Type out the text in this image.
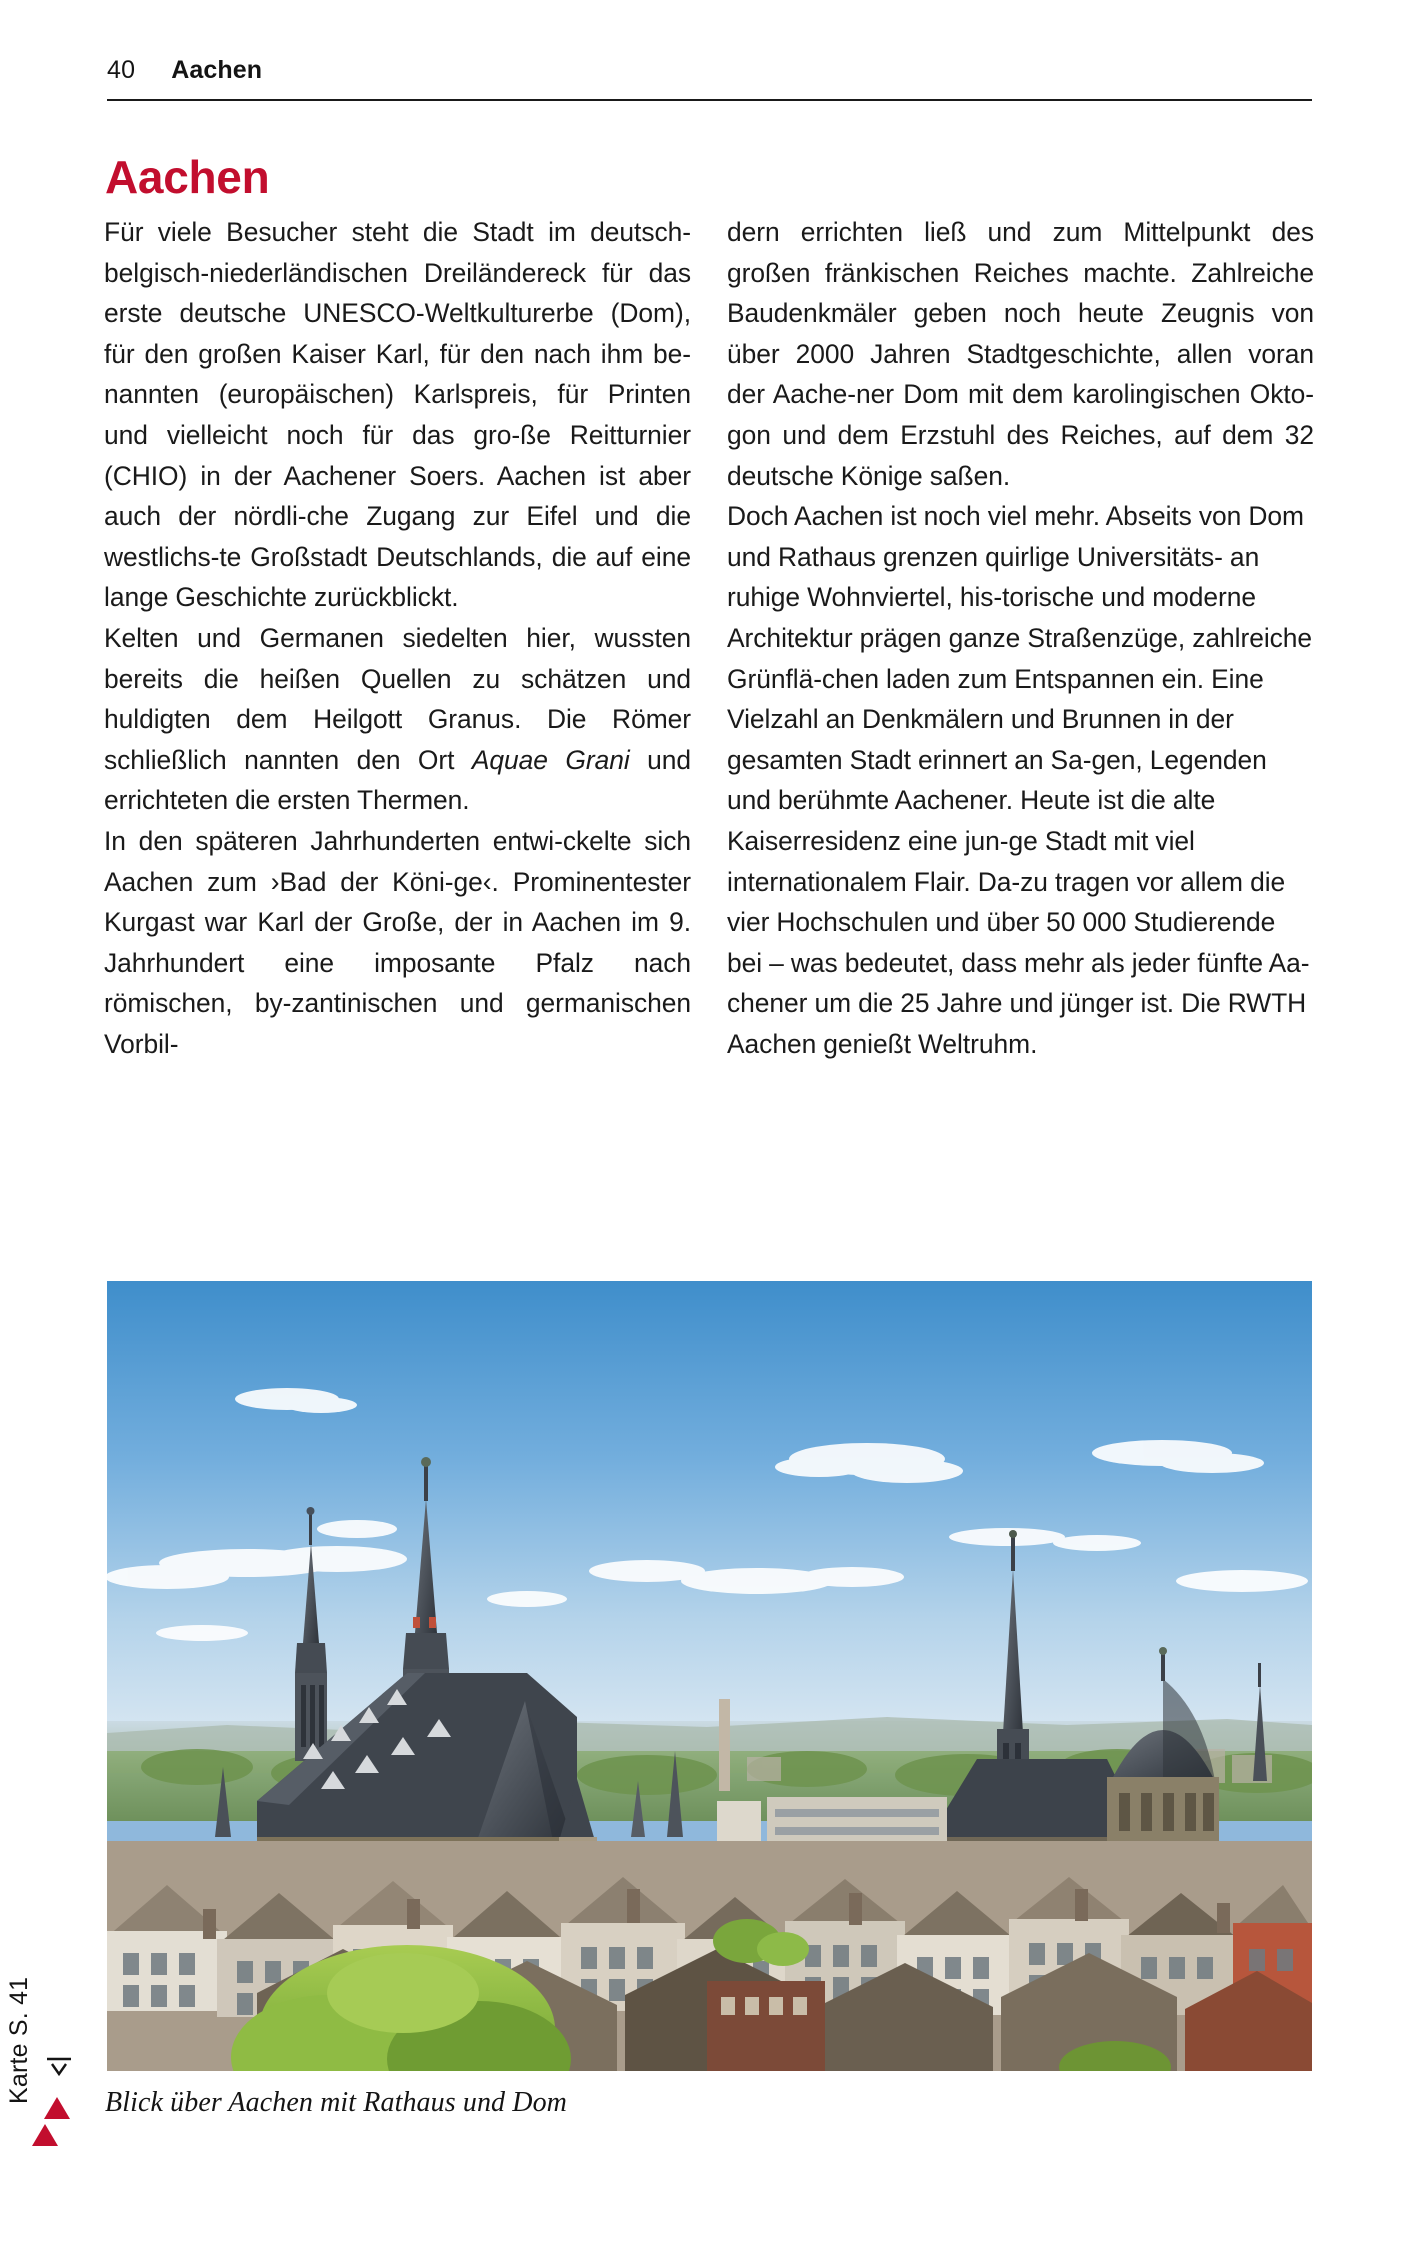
40 Aachen
Aachen

Für viele Besucher steht die Stadt im deutsch-belgisch-niederländischen Dreiländereck für das erste deutsche UNESCO-Weltkulturerbe (Dom), für den großen Kaiser Karl, für den nach ihm be-nannten (europäischen) Karlspreis, für Printen und vielleicht noch für das gro-ße Reitturnier (CHIO) in der Aachener Soers. Aachen ist aber auch der nördli-che Zugang zur Eifel und die westlichs-te Großstadt Deutschlands, die auf eine lange Geschichte zurückblickt.

Kelten und Germanen siedelten hier, wussten bereits die heißen Quellen zu schätzen und huldigten dem Heilgott Granus. Die Römer schließlich nannten den Ort Aquae Grani und errichteten die ersten Thermen.

In den späteren Jahrhunderten entwi-ckelte sich Aachen zum ›Bad der Köni-ge‹. Prominentester Kurgast war Karl der Große, der in Aachen im 9. Jahrhundert eine imposante Pfalz nach römischen, by-zantinischen und germanischen Vorbil-

dern errichten ließ und zum Mittelpunkt des großen fränkischen Reiches machte. Zahlreiche Baudenkmäler geben noch heute Zeugnis von über 2000 Jahren Stadtgeschichte, allen voran der Aache-ner Dom mit dem karolingischen Okto-gon und dem Erzstuhl des Reiches, auf dem 32 deutsche Könige saßen.

Doch Aachen ist noch viel mehr. Abseits von Dom und Rathaus grenzen quirlige Universitäts- an ruhige Wohnviertel, his-torische und moderne Architektur prägen ganze Straßenzüge, zahlreiche Grünflä-chen laden zum Entspannen ein. Eine Vielzahl an Denkmälern und Brunnen in der gesamten Stadt erinnert an Sa-gen, Legenden und berühmte Aachener. Heute ist die alte Kaiserresidenz eine jun-ge Stadt mit viel internationalem Flair. Da-zu tragen vor allem die vier Hochschulen und über 50 000 Studierende bei – was bedeutet, dass mehr als jeder fünfte Aa-chener um die 25 Jahre und jünger ist. Die RWTH Aachen genießt Weltruhm.

Karte S. 41	Blick über Aachen mit Rathaus und Dom
